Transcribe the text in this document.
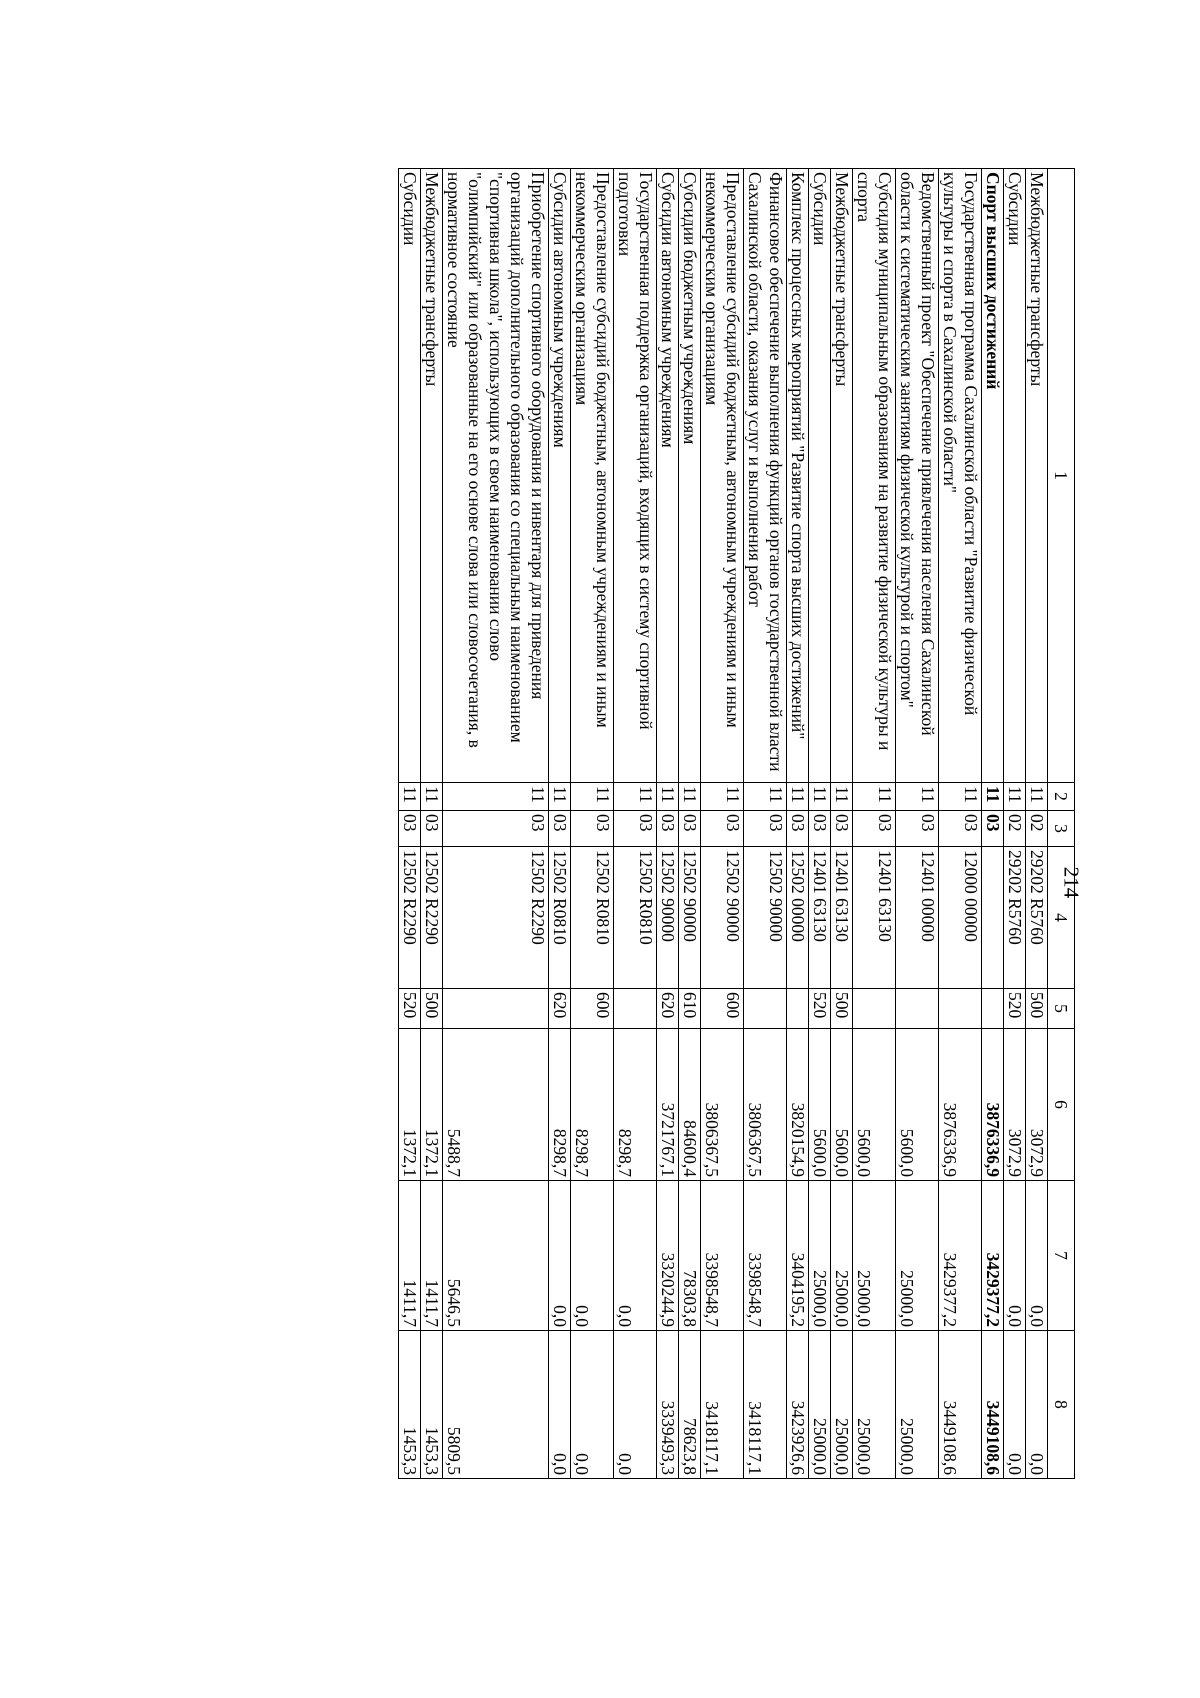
214
1	2	3	4	5	6	7	8
Межбюджетные трансферты	11	02	29202 R5760	500	3072,9	0,0	0,0
Субсидии	11	02	29202 R5760	520	3072,9	0,0	0,0
Спорт высших достижений	11	03			3876336,9	3429377,2	3449108,6
Государственная программа Сахалинской области "Развитие физической культуры и спорта в Сахалинской области"	11	03	12000 00000		3876336,9	3429377,2	3449108,6
Ведомственный проект "Обеспечение привлечения населения Сахалинской области к систематическим занятиям физической культурой и спортом"	11	03	12401 00000		5600,0	25000,0	25000,0
Субсидия муниципальным образованиям на развитие физической культуры и спорта	11	03	12401 63130		5600,0	25000,0	25000,0
Межбюджетные трансферты	11	03	12401 63130	500	5600,0	25000,0	25000,0
Субсидии	11	03	12401 63130	520	5600,0	25000,0	25000,0
Комплекс процессных мероприятий "Развитие спорта высших достижений"	11	03	12502 00000		3820154,9	3404195,2	3423926,6
Финансовое обеспечение выполнения функций органов государственной власти Сахалинской области, оказания услуг и выполнения работ	11	03	12502 90000		3806367,5	3398548,7	3418117,1
Предоставление субсидий бюджетным, автономным учреждениям и иным некоммерческим организациям	11	03	12502 90000	600	3806367,5	3398548,7	3418117,1
Субсидии бюджетным учреждениям	11	03	12502 90000	610	84600,4	78303,8	78623,8
Субсидии автономным учреждениям	11	03	12502 90000	620	3721767,1	3320244,9	3339493,3
Государственная поддержка организаций, входящих в систему спортивной подготовки	11	03	12502 R0810		8298,7	0,0	0,0
Предоставление субсидий бюджетным, автономным учреждениям и иным некоммерческим организациям	11	03	12502 R0810	600	8298,7	0,0	0,0
Субсидии автономным учреждениям	11	03	12502 R0810	620	8298,7	0,0	0,0
Приобретение спортивного оборудования и инвентаря для приведения организаций дополнительного образования со специальным наименованием "спортивная школа", использующих в своем наименовании слово "олимпийский" или образованные на его основе слова или словосочетания, в нормативное состояние	11	03	12502 R2290		5488,7	5646,5	5809,5
Межбюджетные трансферты	11	03	12502 R2290	500	1372,1	1411,7	1453,3
Субсидии	11	03	12502 R2290	520	1372,1	1411,7	1453,3
